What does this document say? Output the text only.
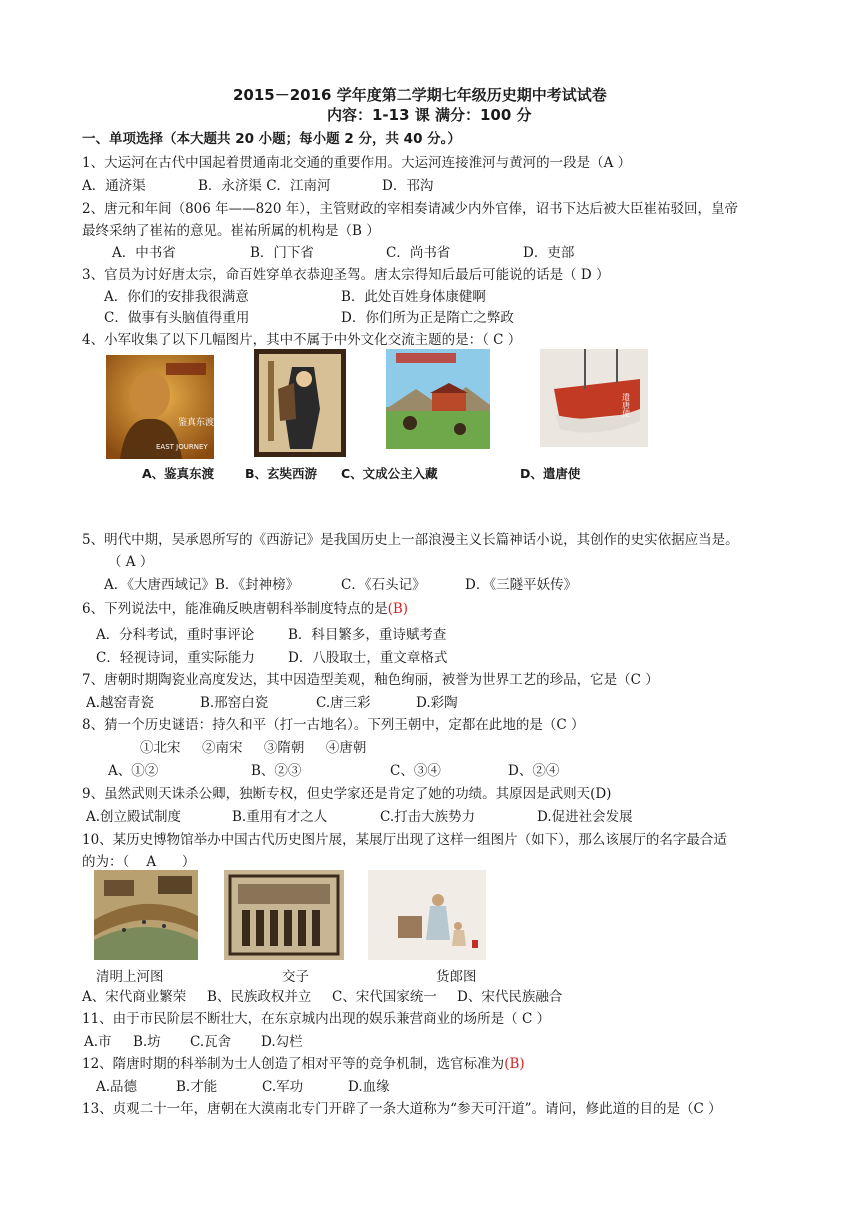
2015－2016 学年度第二学期七年级历史期中考试试卷
内容：1-13 课 满分：100 分
一、单项选择（本大题共 20 小题；每小题 2 分，共 40 分。）
1、大运河在古代中国起着贯通南北交通的重要作用。大运河连接淮河与黄河的一段是（A ）
A．通济渠	B．永济渠 C．江南河	D．邗沟
2、唐元和年间（806 年——820 年），主管财政的宰相奏请减少内外官俸，诏书下达后被大臣崔祐驳回，皇帝
最终采纳了崔祐的意见。崔祐所属的机构是（B ）
A．中书省	B．门下省	C．尚书省	D．吏部
3、官员为讨好唐太宗，命百姓穿单衣恭迎圣驾。唐太宗得知后最后可能说的话是（ D ）
A．你们的安排我很满意	B．此处百姓身体康健啊
C．做事有头脑值得重用	D．你们所为正是隋亡之弊政
4、小军收集了以下几幅图片，其中不属于中外文化交流主题的是：（ C ）
鉴真东渡
EAST JOURNEY
遣唐使
A、鉴真东渡 B、玄奘西游 C、文成公主入藏	D、遣唐使
5、明代中期，吴承恩所写的《西游记》是我国历史上一部浪漫主义长篇神话小说，其创作的史实依据应当是。
（ A ）
A．《大唐西域记》B．《封神榜》	C．《石头记》	D．《三隧平妖传》
6、下列说法中，能准确反映唐朝科举制度特点的是(B)
A．分科考试，重时事评论	B．科目繁多，重诗赋考查
C．轻视诗词，重实际能力 D．八股取士，重文章格式
7、唐朝时期陶瓷业高度发达，其中因造型美观，釉色绚丽，被誉为世界工艺的珍品，它是（C ）
A.越窑青瓷	B.邢窑白瓷	C.唐三彩	D.彩陶
8、猜一个历史谜语：持久和平（打一古地名）。下列王朝中，定都在此地的是（C ）
①北宋     ②南宋     ③隋朝     ④唐朝
A、①②	B、②③	C、③④	D、②④
9、虽然武则天诛杀公卿，独断专权，但史学家还是肯定了她的功绩。其原因是武则天(D)
A.创立殿试制度	B.重用有才之人	C.打击大族势力	D.促进社会发展
10、某历史博物馆举办中国古代历史图片展，某展厅出现了这样一组图片（如下），那么该展厅的名字最合适
的为：（    A      ）
清明上河图	交子	货郎图
A、宋代商业繁荣 B、民族政权并立 C、宋代国家统一 D、宋代民族融合
11、由于市民阶层不断壮大，在东京城内出现的娱乐兼营商业的场所是（ C ）
A.市 B.坊 C.瓦舍 D.勾栏
12、隋唐时期的科举制为士人创造了相对平等的竞争机制，选官标准为(B)
A.品德	B.才能	C.军功	D.血缘
13、贞观二十一年，唐朝在大漠南北专门开辟了一条大道称为“参天可汗道”。请问，修此道的目的是（C ）
